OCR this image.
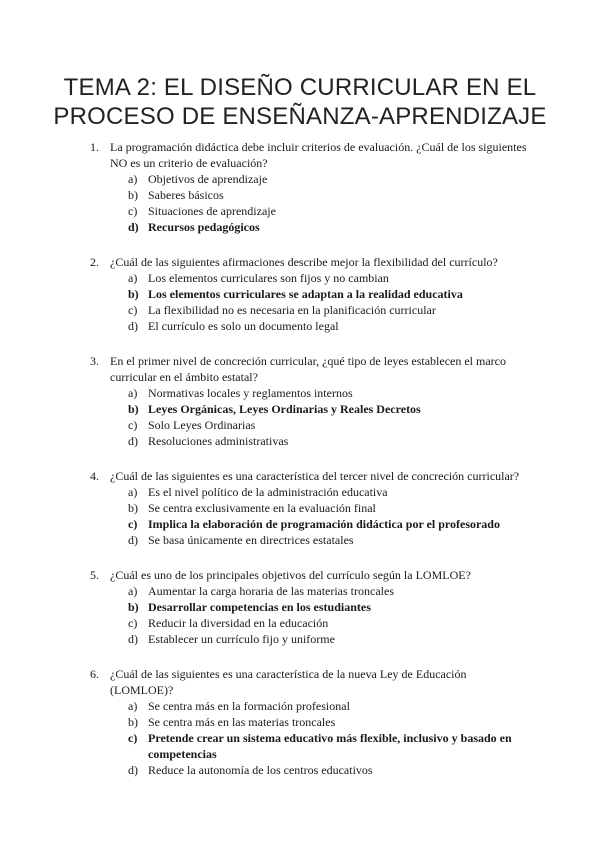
TEMA 2: EL DISEÑO CURRICULAR EN EL
PROCESO DE ENSEÑANZA-APRENDIZAJE
1. La programación didáctica debe incluir criterios de evaluación. ¿Cuál de los siguientes NO es un criterio de evaluación?
a) Objetivos de aprendizaje
b) Saberes básicos
c) Situaciones de aprendizaje
d) Recursos pedagógicos
2. ¿Cuál de las siguientes afirmaciones describe mejor la flexibilidad del currículo?
a) Los elementos curriculares son fijos y no cambian
b) Los elementos curriculares se adaptan a la realidad educativa
c) La flexibilidad no es necesaria en la planificación curricular
d) El currículo es solo un documento legal
3. En el primer nivel de concreción curricular, ¿qué tipo de leyes establecen el marco curricular en el ámbito estatal?
a) Normativas locales y reglamentos internos
b) Leyes Orgánicas, Leyes Ordinarias y Reales Decretos
c) Solo Leyes Ordinarias
d) Resoluciones administrativas
4. ¿Cuál de las siguientes es una característica del tercer nivel de concreción curricular?
a) Es el nivel político de la administración educativa
b) Se centra exclusivamente en la evaluación final
c) Implica la elaboración de programación didáctica por el profesorado
d) Se basa únicamente en directrices estatales
5. ¿Cuál es uno de los principales objetivos del currículo según la LOMLOE?
a) Aumentar la carga horaria de las materias troncales
b) Desarrollar competencias en los estudiantes
c) Reducir la diversidad en la educación
d) Establecer un currículo fijo y uniforme
6. ¿Cuál de las siguientes es una característica de la nueva Ley de Educación (LOMLOE)?
a) Se centra más en la formación profesional
b) Se centra más en las materias troncales
c) Pretende crear un sistema educativo más flexible, inclusivo y basado en competencias
d) Reduce la autonomía de los centros educativos
